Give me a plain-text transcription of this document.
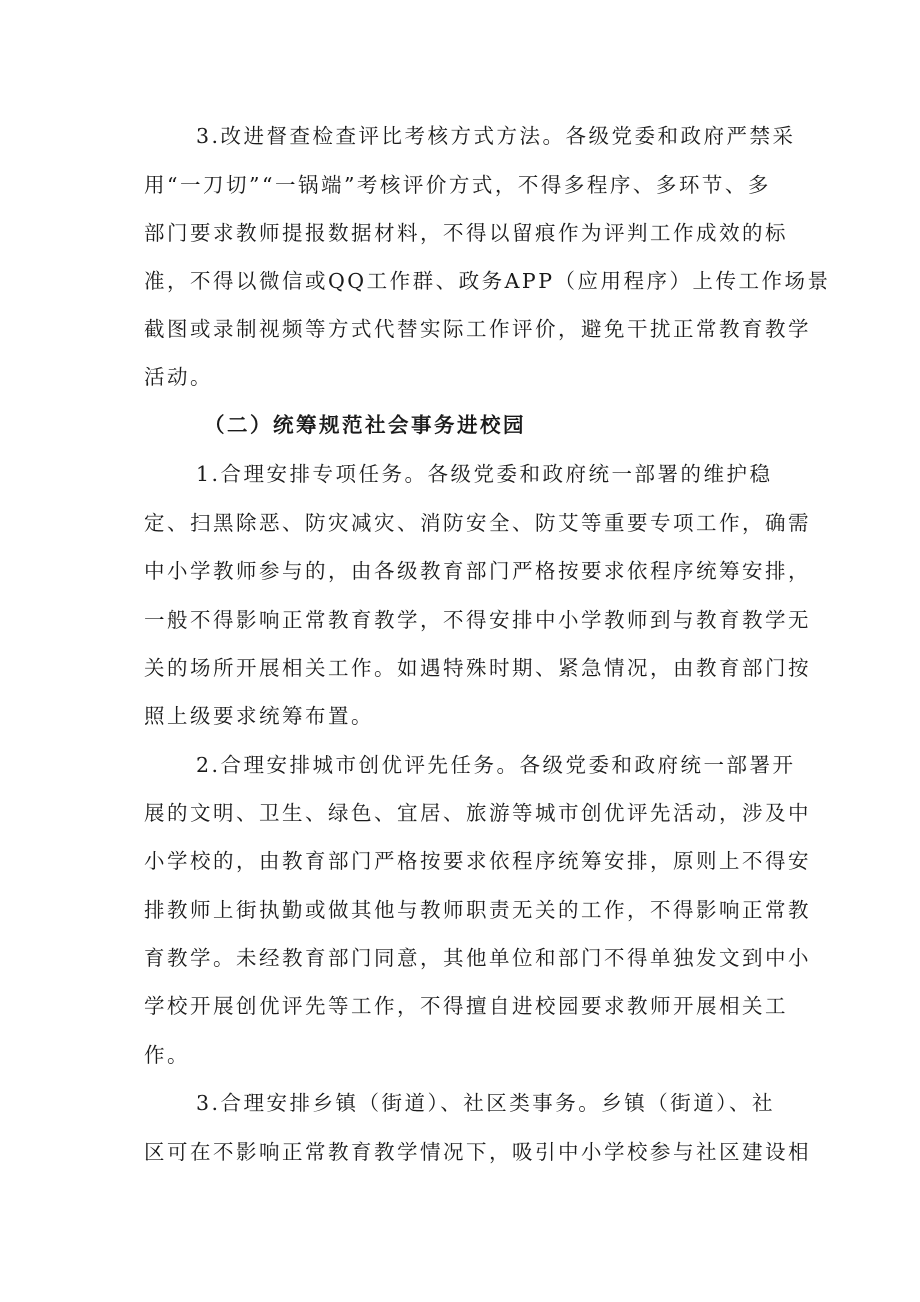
3.改进督查检查评比考核方式方法。各级党委和政府严禁采
用“一刀切”“一锅端”考核评价方式，不得多程序、多环节、多
部门要求教师提报数据材料，不得以留痕作为评判工作成效的标
准，不得以微信或QQ工作群、政务APP（应用程序）上传工作场景
截图或录制视频等方式代替实际工作评价，避免干扰正常教育教学
活动。
（二）统筹规范社会事务进校园
1.合理安排专项任务。各级党委和政府统一部署的维护稳
定、扫黑除恶、防灾减灾、消防安全、防艾等重要专项工作，确需
中小学教师参与的，由各级教育部门严格按要求依程序统筹安排，
一般不得影响正常教育教学，不得安排中小学教师到与教育教学无
关的场所开展相关工作。如遇特殊时期、紧急情况，由教育部门按
照上级要求统筹布置。
2.合理安排城市创优评先任务。各级党委和政府统一部署开
展的文明、卫生、绿色、宜居、旅游等城市创优评先活动，涉及中
小学校的，由教育部门严格按要求依程序统筹安排，原则上不得安
排教师上街执勤或做其他与教师职责无关的工作，不得影响正常教
育教学。未经教育部门同意，其他单位和部门不得单独发文到中小
学校开展创优评先等工作，不得擅自进校园要求教师开展相关工
作。
3.合理安排乡镇（街道）、社区类事务。乡镇（街道）、社
区可在不影响正常教育教学情况下，吸引中小学校参与社区建设相
